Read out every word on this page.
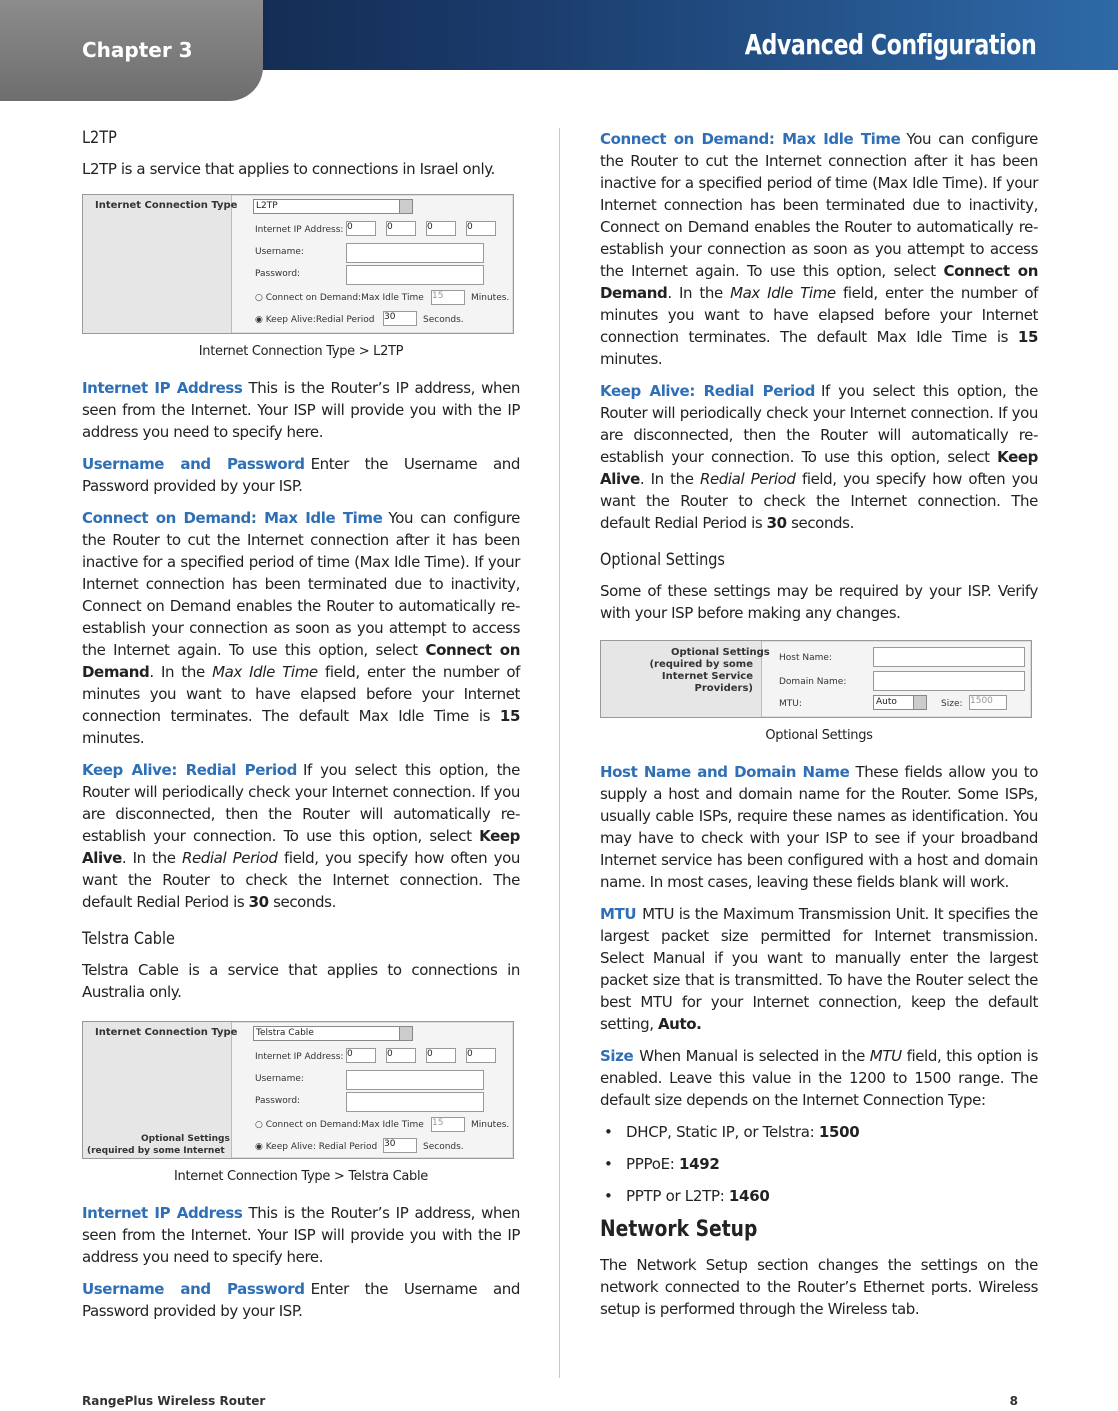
Chapter 3	Advanced Configuration
L2TP

L2TP is a service that applies to connections in Israel only.

Internet Connection Type	L2TP
Internet IP Address: 0	0	0	0
Username:
Password:
○ Connect on Demand:Max Idle Time 15	Minutes.
◉ Keep Alive:Redial Period 30	Seconds.
Internet Connection Type > L2TP

Internet IP Address This is the Router’s IP address, when seen from the Internet. Your ISP will provide you with the IP address you need to specify here.

Username and Password Enter the Username and Password provided by your ISP.

Connect on Demand: Max Idle Time You can configure the Router to cut the Internet connection after it has been inactive for a specified period of time (Max Idle Time). If your Internet connection has been terminated due to inactivity, Connect on Demand enables the Router to automatically re-establish your connection as soon as you attempt to access the Internet again. To use this option, select Connect on Demand. In the Max Idle Time field, enter the number of minutes you want to have elapsed before your Internet connection terminates. The default Max Idle Time is 15 minutes.

Keep Alive: Redial Period If you select this option, the Router will periodically check your Internet connection. If you are disconnected, then the Router will automatically re-establish your connection. To use this option, select Keep Alive. In the Redial Period field, you specify how often you want the Router to check the Internet connection. The default Redial Period is 30 seconds.

Telstra Cable

Telstra Cable is a service that applies to connections in Australia only.

Internet Connection Type	Telstra Cable
Internet IP Address: 0	0	0	0
Username:
Password:
○ Connect on Demand:Max Idle Time 15	Minutes.
◉ Keep Alive: Redial Period 30	Seconds.
Optional Settings
(required by some Internet
Internet Connection Type > Telstra Cable

Internet IP Address This is the Router’s IP address, when seen from the Internet. Your ISP will provide you with the IP address you need to specify here.

Username and Password Enter the Username and Password provided by your ISP.

Connect on Demand: Max Idle Time You can configure the Router to cut the Internet connection after it has been inactive for a specified period of time (Max Idle Time). If your Internet connection has been terminated due to inactivity, Connect on Demand enables the Router to automatically re-establish your connection as soon as you attempt to access the Internet again. To use this option, select Connect on Demand. In the Max Idle Time field, enter the number of minutes you want to have elapsed before your Internet connection terminates. The default Max Idle Time is 15 minutes.

Keep Alive: Redial Period If you select this option, the Router will periodically check your Internet connection. If you are disconnected, then the Router will automatically re-establish your connection. To use this option, select Keep Alive. In the Redial Period field, you specify how often you want the Router to check the Internet connection. The default Redial Period is 30 seconds.

Optional Settings

Some of these settings may be required by your ISP. Verify with your ISP before making any changes.

Optional Settings
(required by some Internet Service Providers)
Host Name:
Domain Name:
MTU:	Auto	Size: 1500
Optional Settings

Host Name and Domain Name These fields allow you to supply a host and domain name for the Router. Some ISPs, usually cable ISPs, require these names as identification. You may have to check with your ISP to see if your broadband Internet service has been configured with a host and domain name. In most cases, leaving these fields blank will work.

MTU MTU is the Maximum Transmission Unit. It specifies the largest packet size permitted for Internet transmission. Select Manual if you want to manually enter the largest packet size that is transmitted. To have the Router select the best MTU for your Internet connection, keep the default setting, Auto.

Size When Manual is selected in the MTU field, this option is enabled. Leave this value in the 1200 to 1500 range. The default size depends on the Internet Connection Type:

• DHCP, Static IP, or Telstra: 1500
• PPPoE: 1492
• PPTP or L2TP: 1460
Network Setup

The Network Setup section changes the settings on the network connected to the Router’s Ethernet ports. Wireless setup is performed through the Wireless tab.

RangePlus Wireless Router	8
